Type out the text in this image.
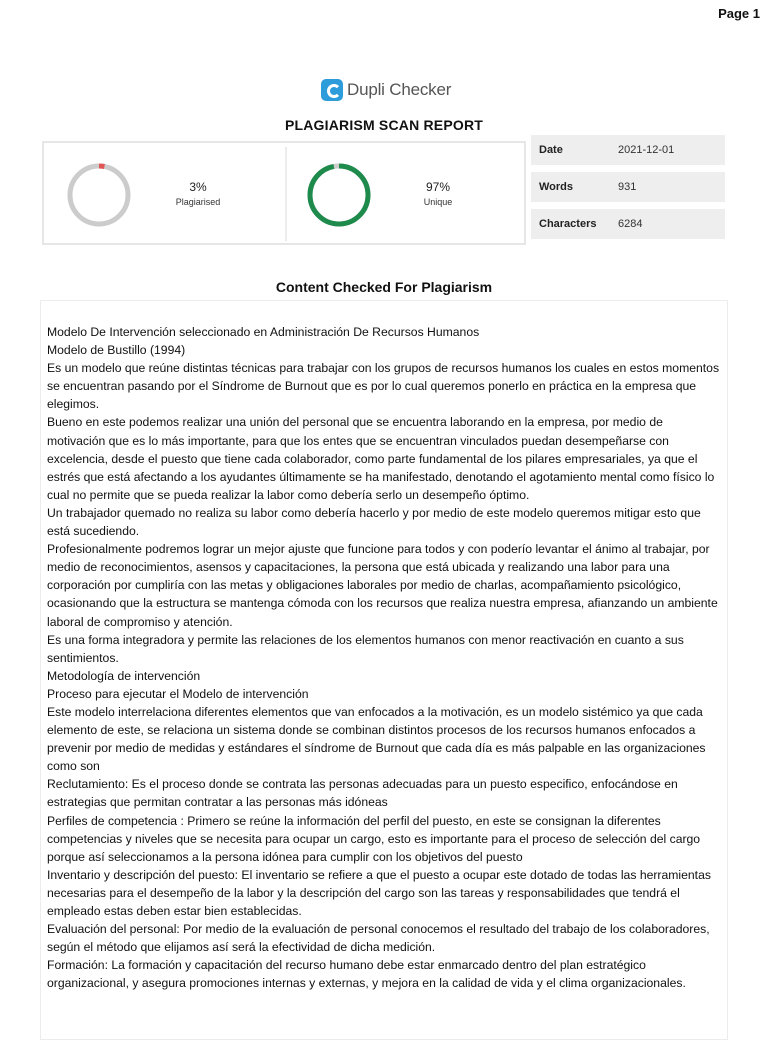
Page 1
Dupli Checker
PLAGIARISM SCAN REPORT
3%
Plagiarised
97%
Unique
Date	2021-12-01
Words	931
Characters 6284
Content Checked For Plagiarism

Modelo De Intervención seleccionado en Administración De Recursos Humanos

Modelo de Bustillo (1994)

Es un modelo que reúne distintas técnicas para trabajar con los grupos de recursos humanos los cuales en estos momentos se encuentran pasando por el Síndrome de Burnout que es por lo cual queremos ponerlo en práctica en la empresa que elegimos.

Bueno en este podemos realizar una unión del personal que se encuentra laborando en la empresa, por medio de motivación que es lo más importante, para que los entes que se encuentran vinculados puedan desempeñarse con excelencia, desde el puesto que tiene cada colaborador, como parte fundamental de los pilares empresariales, ya que el estrés que está afectando a los ayudantes últimamente se ha manifestado, denotando el agotamiento mental como físico lo cual no permite que se pueda realizar la labor como debería serlo un desempeño óptimo.

Un trabajador quemado no realiza su labor como debería hacerlo y por medio de este modelo queremos mitigar esto que está sucediendo.

Profesionalmente podremos lograr un mejor ajuste que funcione para todos y con poderío levantar el ánimo al trabajar, por medio de reconocimientos, asensos y capacitaciones, la persona que está ubicada y realizando una labor para una corporación por cumpliría con las metas y obligaciones laborales por medio de charlas, acompañamiento psicológico, ocasionando que la estructura se mantenga cómoda con los recursos que realiza nuestra empresa, afianzando un ambiente laboral de compromiso y atención.

Es una forma integradora y permite las relaciones de los elementos humanos con menor reactivación en cuanto a sus sentimientos.

Metodología de intervención

Proceso para ejecutar el Modelo de intervención

Este modelo interrelaciona diferentes elementos que van enfocados a la motivación, es un modelo sistémico ya que cada elemento de este, se relaciona un sistema donde se combinan distintos procesos de los recursos humanos enfocados a prevenir por medio de medidas y estándares el síndrome de Burnout que cada día es más palpable en las organizaciones como son

Reclutamiento: Es el proceso donde se contrata las personas adecuadas para un puesto especifico, enfocándose en estrategias que permitan contratar a las personas más idóneas

Perfiles de competencia : Primero se reúne la información del perfil del puesto, en este se consignan la diferentes competencias y niveles que se necesita para ocupar un cargo, esto es importante para el proceso de selección del cargo porque así seleccionamos a la persona idónea para cumplir con los objetivos del puesto

Inventario y descripción del puesto: El inventario se refiere a que el puesto a ocupar este dotado de todas las herramientas necesarias para el desempeño de la labor y la descripción del cargo son las tareas y responsabilidades que tendrá el empleado estas deben estar bien establecidas.

Evaluación del personal: Por medio de la evaluación de personal conocemos el resultado del trabajo de los colaboradores, según el método que elijamos así será la efectividad de dicha medición.

Formación: La formación y capacitación del recurso humano debe estar enmarcado dentro del plan estratégico organizacional, y asegura promociones internas y externas, y mejora en la calidad de vida y el clima organizacionales.
